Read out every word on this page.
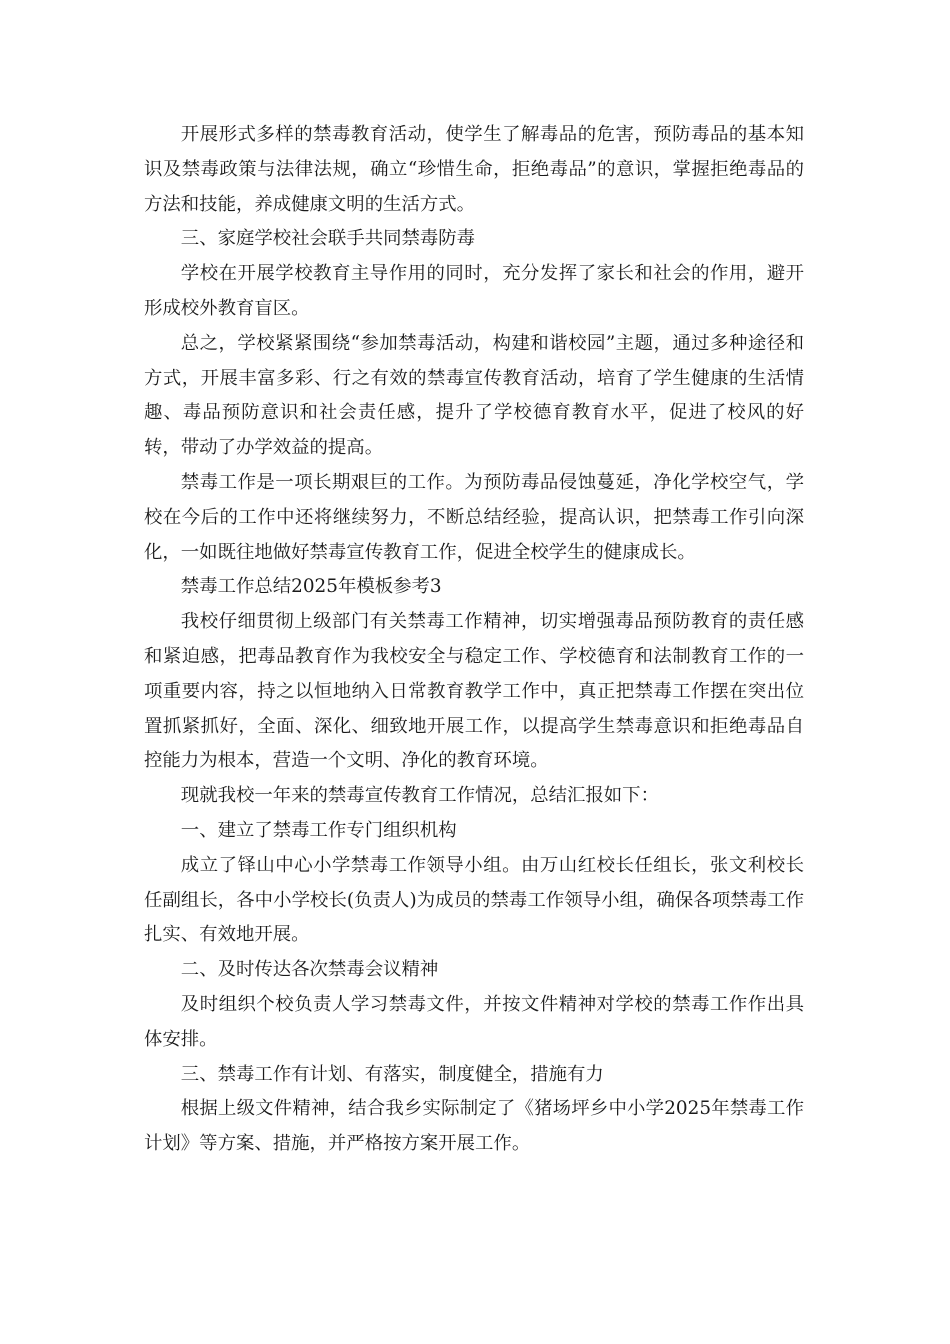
开展形式多样的禁毒教育活动，使学生了解毒品的危害，预防毒品的基本知识及禁毒政策与法律法规，确立“珍惜生命，拒绝毒品”的意识，掌握拒绝毒品的方法和技能，养成健康文明的生活方式。

三、家庭学校社会联手共同禁毒防毒

学校在开展学校教育主导作用的同时，充分发挥了家长和社会的作用，避开形成校外教育盲区。

总之，学校紧紧围绕“参加禁毒活动，构建和谐校园”主题，通过多种途径和方式，开展丰富多彩、行之有效的禁毒宣传教育活动，培育了学生健康的生活情趣、毒品预防意识和社会责任感，提升了学校德育教育水平，促进了校风的好转，带动了办学效益的提高。

禁毒工作是一项长期艰巨的工作。为预防毒品侵蚀蔓延，净化学校空气，学校在今后的工作中还将继续努力，不断总结经验，提高认识，把禁毒工作引向深化，一如既往地做好禁毒宣传教育工作，促进全校学生的健康成长。

禁毒工作总结2025年模板参考3

我校仔细贯彻上级部门有关禁毒工作精神，切实增强毒品预防教育的责任感和紧迫感，把毒品教育作为我校安全与稳定工作、学校德育和法制教育工作的一项重要内容，持之以恒地纳入日常教育教学工作中，真正把禁毒工作摆在突出位置抓紧抓好，全面、深化、细致地开展工作，以提高学生禁毒意识和拒绝毒品自控能力为根本，营造一个文明、净化的教育环境。

现就我校一年来的禁毒宣传教育工作情况，总结汇报如下：

一、建立了禁毒工作专门组织机构

成立了铎山中心小学禁毒工作领导小组。由万山红校长任组长，张文利校长任副组长，各中小学校长(负责人)为成员的禁毒工作领导小组，确保各项禁毒工作扎实、有效地开展。

二、及时传达各次禁毒会议精神

及时组织个校负责人学习禁毒文件，并按文件精神对学校的禁毒工作作出具体安排。

三、禁毒工作有计划、有落实，制度健全，措施有力

根据上级文件精神，结合我乡实际制定了《猪场坪乡中小学2025年禁毒工作计划》等方案、措施，并严格按方案开展工作。
